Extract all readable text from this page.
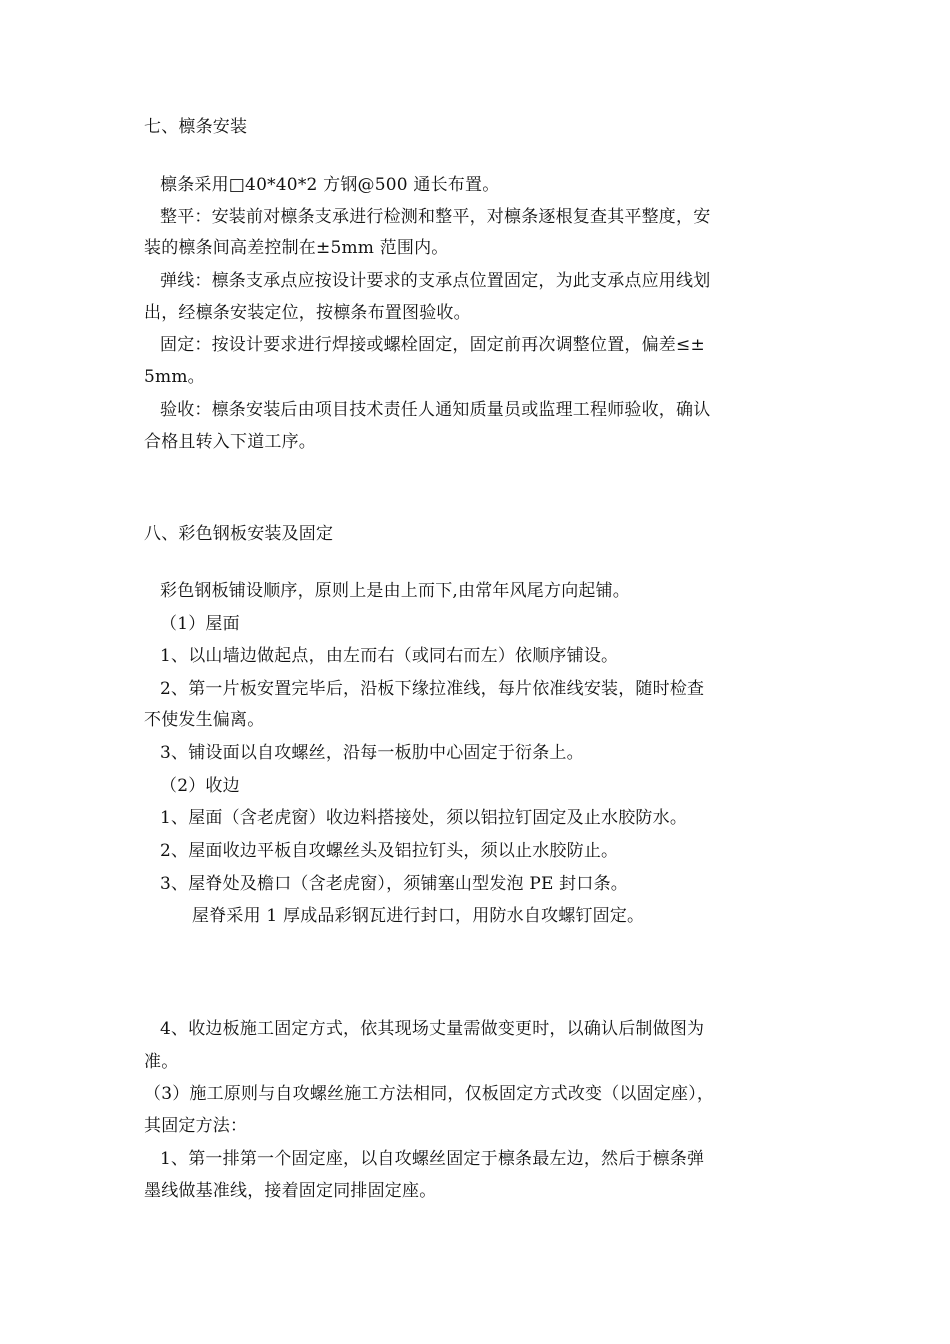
七、檩条安装
檩条采用□40*40*2 方钢@500 通长布置。
整平：安装前对檩条支承进行检测和整平，对檩条逐根复查其平整度，安
装的檩条间高差控制在±5mm 范围内。
弹线：檩条支承点应按设计要求的支承点位置固定，为此支承点应用线划
出，经檩条安装定位，按檩条布置图验收。
固定：按设计要求进行焊接或螺栓固定，固定前再次调整位置，偏差≤±
5mm。
验收：檩条安装后由项目技术责任人通知质量员或监理工程师验收，确认
合格且转入下道工序。
八、彩色钢板安装及固定
彩色钢板铺设顺序，原则上是由上而下,由常年风尾方向起铺。
（1）屋面
1、以山墙边做起点，由左而右（或同右而左）依顺序铺设。
2、第一片板安置完毕后，沿板下缘拉准线，每片依准线安装，随时检查
不使发生偏离。
3、铺设面以自攻螺丝，沿每一板肋中心固定于衍条上。
（2）收边
1、屋面（含老虎窗）收边料搭接处，须以铝拉钉固定及止水胶防水。
2、屋面收边平板自攻螺丝头及铝拉钉头，须以止水胶防止。
3、屋脊处及檐口（含老虎窗），须铺塞山型发泡 PE 封口条。
屋脊采用 1 厚成品彩钢瓦进行封口，用防水自攻螺钉固定。
4、收边板施工固定方式，依其现场丈量需做变更时，以确认后制做图为
准。
（3）施工原则与自攻螺丝施工方法相同，仅板固定方式改变（以固定座），
其固定方法：
1、第一排第一个固定座，以自攻螺丝固定于檩条最左边，然后于檩条弹
墨线做基准线，接着固定同排固定座。
